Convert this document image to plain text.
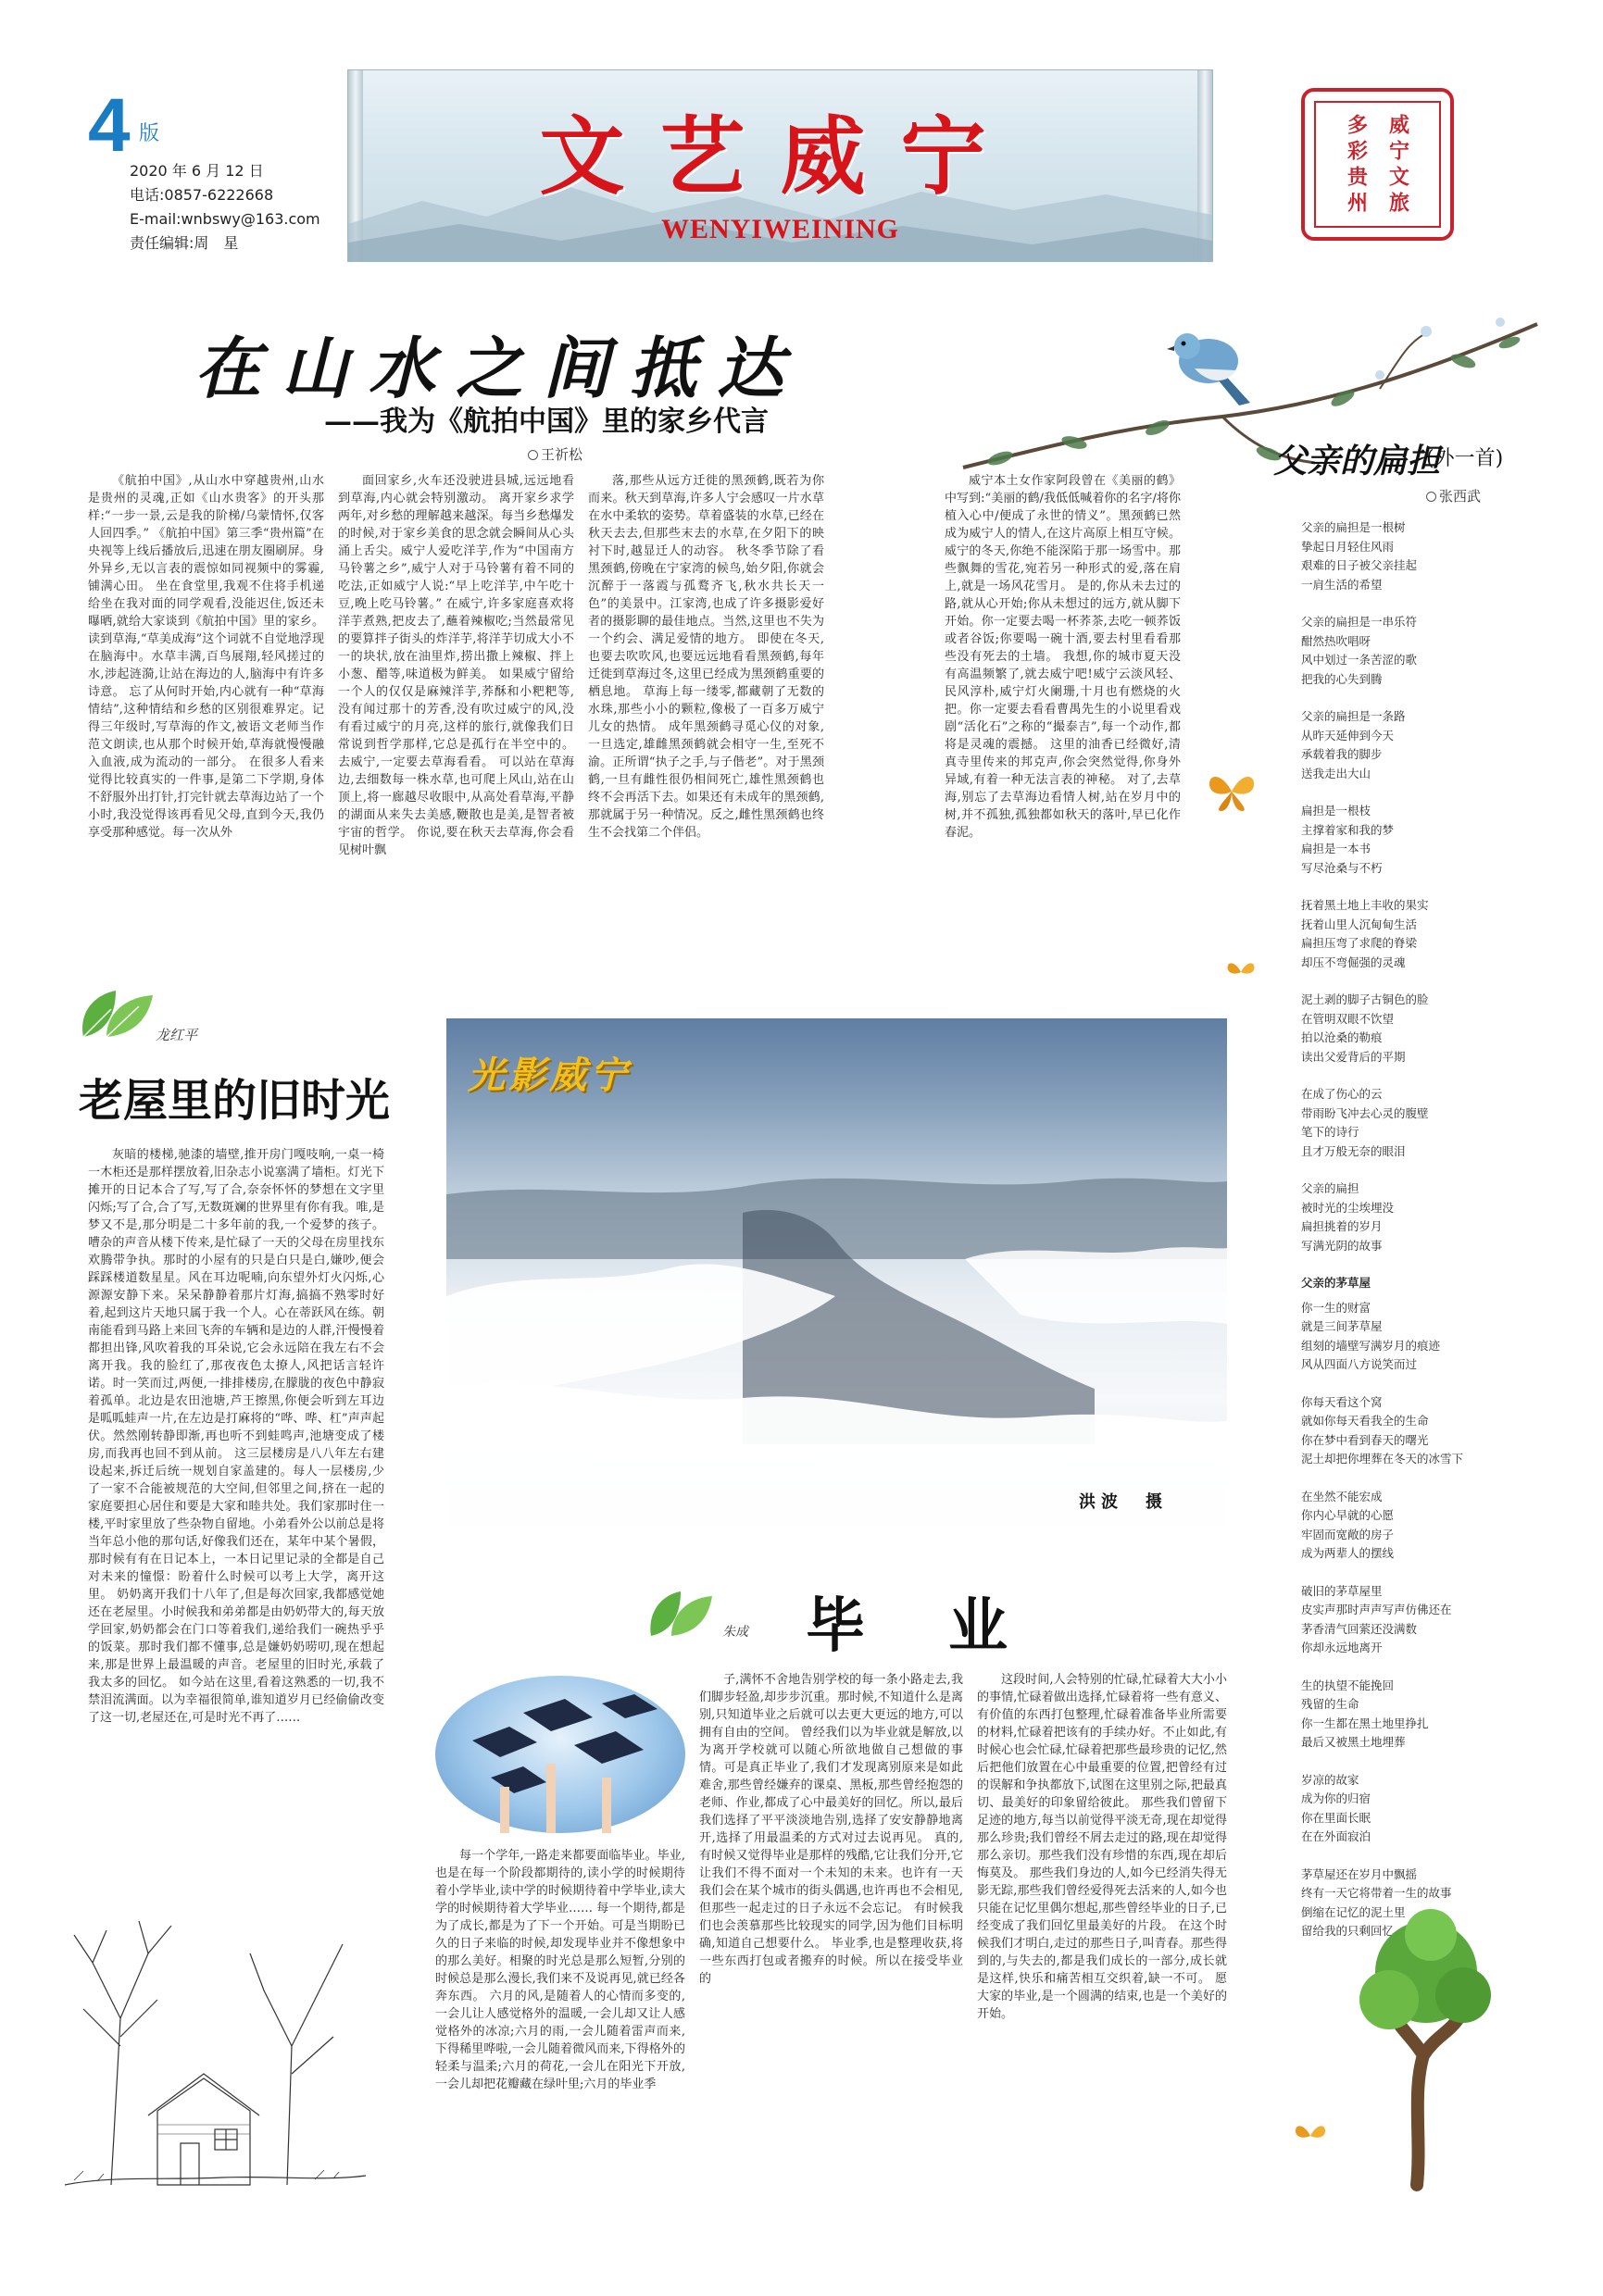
4 版
2020 年 6 月 12 日
电话:0857-6222668
E-mail:wnbswy@163.com
责任编辑:周　星
文艺威宁
WENYIWEINING
威宁文旅
多彩贵州
在山水之间抵达
——我为《航拍中国》里的家乡代言
王祈松
《航拍中国》,从山水中穿越贵州,山水是贵州的灵魂,正如《山水贵客》的开头那样:“一步一景,云是我的阶梯/乌蒙情怀,仅客人回四季。” 《航拍中国》第三季“贵州篇”在央视等上线后播放后,迅速在朋友圈刷屏。身外异乡,无以言表的震惊如同视频中的雾霾,铺满心田。 坐在食堂里,我观不住将手机递给坐在我对面的同学观看,没能迟住,饭还未曝晒,就给大家谈到《航拍中国》里的家乡。 读到草海,“草美成海”这个词就不自觉地浮现在脑海中。水草丰满,百鸟展翔,轻风搓过的水,涉起涟漪,让站在海边的人,脑海中有许多诗意。 忘了从何时开始,内心就有一种“草海情结”,这种情结和乡愁的区别很难界定。记得三年级时,写草海的作文,被语文老师当作范文朗读,也从那个时候开始,草海就慢慢融入血液,成为流动的一部分。 在很多人看来觉得比较真实的一件事,是第二下学期,身体不舒服外出打针,打完针就去草海边站了一个小时,我没觉得该再看见父母,直到今天,我仍享受那种感觉。每一次从外
面回家乡,火车还没驶进县城,远远地看到草海,内心就会特别激动。 离开家乡求学两年,对乡愁的理解越来越深。每当乡愁爆发的时候,对于家乡美食的思念就会瞬间从心头涌上舌尖。威宁人爱吃洋芋,作为“中国南方马铃薯之乡”,威宁人对于马铃薯有着不同的吃法,正如威宁人说:“早上吃洋芋,中午吃十豆,晚上吃马铃薯。” 在威宁,许多家庭喜欢将洋芋煮熟,把皮去了,蘸着辣椒吃;当然最常见的要算拌子街头的炸洋芋,将洋芋切成大小不一的块状,放在油里炸,捞出撒上辣椒、拌上小葱、醋等,味道极为鲜美。 如果威宁留给一个人的仅仅是麻辣洋芋,荞酥和小粑粑等,没有闻过那十的芳香,没有吹过威宁的风,没有看过威宁的月亮,这样的旅行,就像我们日常说到哲学那样,它总是孤行在半空中的。 去威宁,一定要去草海看看。 可以站在草海边,去细数每一株水草,也可爬上风山,站在山顶上,将一廊越尽收眼中,从高处看草海,平静的湖面从来失去美感,鞭散也是美,是智者被宇宙的哲学。 你说,要在秋天去草海,你会看见树叶飘
落,那些从远方迁徙的黑颈鹤,既若为你而来。秋天到草海,许多人宁会感叹一片水草在水中柔软的姿势。草着盛装的水草,已经在秋天去去,但那些末去的水草,在夕阳下的映衬下时,越显迁人的动容。 秋冬季节除了看黑颈鹤,傍晚在宁家湾的候鸟,始夕阳,你就会沉醉于一落霞与孤鹜齐飞,秋水共长天一色”的美景中。江家湾,也成了许多摄影爱好者的摄影聊的最佳地点。当然,这里也不失为一个约会、满足爱情的地方。 即使在冬天,也要去吹吹风,也要远远地看看黑颈鹤,每年迁徙到草海过冬,这里已经成为黑颈鹤重要的栖息地。 草海上每一缕零,都藏朝了无数的水珠,那些小小的颗粒,像极了一百多万威宁儿女的热情。 成年黑颈鹤寻觅心仪的对象,一旦选定,雄雌黑颈鹤就会相守一生,至死不渝。正所谓“执子之手,与子偕老”。对于黑颈鹤,一旦有雌性很仍相间死亡,雄性黑颈鹤也终不会再活下去。如果还有未成年的黑颈鹤,那就属于另一种情况。反之,雌性黑颈鹤也终生不会找第二个伴侣。
威宁本土女作家阿段曾在《美丽的鹤》中写到:“美丽的鹤/我低低喊着你的名字/将你植入心中/便成了永世的情义”。黑颈鹤已然成为威宁人的情人,在这片高原上相互守候。 威宁的冬天,你绝不能深陷于那一场雪中。那些飘舞的雪花,宛若另一种形式的爱,落在肩上,就是一场风花雪月。 是的,你从未去过的路,就从心开始;你从未想过的远方,就从脚下开始。你一定要去喝一杯荞茶,去吃一顿荞饭或者谷饭;你要喝一碗十酒,要去村里看看那些没有死去的土墙。 我想,你的城市夏天没有高温频繁了,就去威宁吧!威宁云淡风轻、民风淳朴,威宁灯火阑珊,十月也有燃烧的火把。你一定要去看看曹禺先生的小说里看戏剧“活化石”之称的“撮泰吉”,每一个动作,都将是灵魂的震撼。 这里的油香已经微好,清真寺里传来的邦克声,你会突然觉得,你身外异域,有着一种无法言表的神秘。 对了,去草海,别忘了去草海边看情人树,站在岁月中的树,并不孤独,孤独都如秋天的落叶,早已化作春泥。
父亲的扁担
(外一首)
张西武
父亲的扁担是一根树
挚起日月轻住风雨
艰难的日子被父亲挂起
一肩生活的希望
父亲的扁担是一串乐符
酣然热吹唱呀
风中划过一条苦涩的歌
把我的心失到腾
父亲的扁担是一条路
从昨天延伸到今天
承载着我的脚步
送我走出大山
扁担是一根枝
主撑着家和我的梦
扁担是一本书
写尽沧桑与不朽
抚着黑土地上丰收的果实
抚着山里人沉甸甸生活
扁担压弯了求爬的脊梁
却压不弯倔强的灵魂
泥土剥的脚子古铜色的脸
在管明双眼不饮望
拍以沧桑的勒痕
读出父爱背后的平期
在成了伤心的云
带雨盼飞冲去心灵的腹壁
笔下的诗行
且才万般无奈的眼泪
父亲的扁担
被时光的尘埃埋没
扁担挑着的岁月
写满光阴的故事
父亲的茅草屋
你一生的财富
就是三间茅草屋
组刻的墙壁写满岁月的痕迹
风从四面八方说笑而过
你每天看这个窝
就如你每天看我全的生命
你在梦中看到春天的曙光
泥土却把你埋葬在冬天的冰雪下
在坐然不能宏成
你内心早就的心愿
牢固而宽敞的房子
成为两辈人的摆线
破旧的茅草屋里
皮实声那时声声写声仿佛还在
茅香清气回萦还没满数
你却永远地离开
生的执望不能挽回
残留的生命
你一生都在黑土地里挣扎
最后又被黑土地埋葬
岁凉的故家
成为你的归宿
你在里面长眠
在在外面寂泊
茅草屋还在岁月中飘摇
终有一天它将带着一生的故事
倒缩在记忆的泥土里
留给我的只剩回忆
龙红平
老屋里的旧时光
灰暗的楼梯,驰漆的墙壁,推开房门嘎吱响,一桌一椅一木柜还是那样摆放着,旧杂志小说塞满了墙柜。灯光下摊开的日记本合了写,写了合,奈奈怀怀的梦想在文字里闪烁;写了合,合了写,无数斑斓的世界里有你有我。唯,是梦又不是,那分明是二十多年前的我,一个爱梦的孩子。 嘈杂的声音从楼下传来,是忙碌了一天的父母在房里找东欢腾带争执。那时的小屋有的只是白只是白,嫌吵,便会踩踩楼道数星星。风在耳边呢喃,向东望外灯火闪烁,心源源安静下来。呆呆静静着那片灯海,搞搞不熟零时好着,起到这片天地只属于我一个人。心在蒂跃风在练。朝南能看到马路上来回飞奔的车辆和是边的人群,汗慢慢着都担出锋,风吹着我的耳朵说,它会永远陪在我左右不会离开我。我的脸红了,那夜夜色太撩人,风把话言轻许诺。时一笑而过,两便,一排排楼房,在朦胧的夜色中静寂着孤单。北边是农田池塘,芦王擦黑,你便会听到左耳边是呱呱蛙声一片,在左边是打麻将的“哗、哗、杠”声声起伏。然然刚转静即渐,再也听不到蛙鸣声,池塘变成了楼房,而我再也回不到从前。 这三层楼房是八八年左右建设起来,拆迁后统一规划自家盖建的。每人一层楼房,少了一家不合能被规范的大空间,但邻里之间,挤在一起的家庭要担心居住和要是大家和睦共处。我们家那时住一楼,平时家里放了些杂物自留地。小弟看外公以前总是将当年总小他的那句话,好像我们还在，某年中某个暑假，那时候有有在日记本上，一本日记里记录的全都是自己对未来的憧憬：盼着什么时候可以考上大学，离开这里。 奶奶离开我们十八年了,但是每次回家,我都感觉她还在老屋里。小时候我和弟弟都是由奶奶带大的,每天放学回家,奶奶都会在门口等着我们,递给我们一碗热乎乎的饭菜。那时我们都不懂事,总是嫌奶奶唠叨,现在想起来,那是世界上最温暖的声音。老屋里的旧时光,承载了我太多的回忆。 如今站在这里,看着这熟悉的一切,我不禁泪流满面。以为幸福很简单,谁知道岁月已经偷偷改变了这一切,老屋还在,可是时光不再了……
光影威宁
洪波　摄
朱成 毕业
每一个学年,一路走来都要面临毕业。毕业,也是在每一个阶段都期待的,读小学的时候期待着小学毕业,读中学的时候期待着中学毕业,读大学的时候期待着大学毕业…… 每一个期待,都是为了成长,都是为了下一个开始。可是当期盼已久的日子来临的时候,却发现毕业并不像想象中的那么美好。相聚的时光总是那么短暂,分别的时候总是那么漫长,我们来不及说再见,就已经各奔东西。 六月的风,是随着人的心情而多变的,一会儿让人感觉格外的温暖,一会儿却又让人感觉格外的冰凉;六月的雨,一会儿随着雷声而来,下得稀里哗啦,一会儿随着微风而来,下得格外的轻柔与温柔;六月的荷花,一会儿在阳光下开放,一会儿却把花瓣藏在绿叶里;六月的毕业季
子,满怀不舍地告别学校的每一条小路走去,我们脚步轻盈,却步步沉重。那时候,不知道什么是离别,只知道毕业之后就可以去更大更远的地方,可以拥有自由的空间。 曾经我们以为毕业就是解放,以为离开学校就可以随心所欲地做自己想做的事情。可是真正毕业了,我们才发现离别原来是如此难舍,那些曾经嫌弃的课桌、黑板,那些曾经抱怨的老师、作业,都成了心中最美好的回忆。所以,最后我们选择了平平淡淡地告别,选择了安安静静地离开,选择了用最温柔的方式对过去说再见。 真的,有时候又觉得毕业是那样的残酷,它让我们分开,它让我们不得不面对一个未知的未来。也许有一天我们会在某个城市的街头偶遇,也许再也不会相见,但那些一起走过的日子永远不会忘记。 有时候我们也会羡慕那些比较现实的同学,因为他们目标明确,知道自己想要什么。 毕业季,也是整理收获,将一些东西打包或者搬弃的时候。所以在接受毕业的
这段时间,人会特别的忙碌,忙碌着大大小小的事情,忙碌着做出选择,忙碌着将一些有意义、有价值的东西打包整理,忙碌着准备毕业所需要的材料,忙碌着把该有的手续办好。不止如此,有时候心也会忙碌,忙碌着把那些最珍贵的记忆,然后把他们放置在心中最重要的位置,把曾经有过的误解和争执都放下,试图在这里别之际,把最真切、最美好的印象留给彼此。 那些我们曾留下足迹的地方,每当以前觉得平淡无奇,现在却觉得那么珍贵;我们曾经不屑去走过的路,现在却觉得那么亲切。那些我们没有珍惜的东西,现在却后悔莫及。 那些我们身边的人,如今已经消失得无影无踪,那些我们曾经爱得死去活来的人,如今也只能在记忆里偶尔想起,那些曾经毕业的日子,已经变成了我们回忆里最美好的片段。 在这个时候我们才明白,走过的那些日子,叫青春。那些得到的,与失去的,都是我们成长的一部分,成长就是这样,快乐和痛苦相互交织着,缺一不可。 愿大家的毕业,是一个圆满的结束,也是一个美好的开始。
